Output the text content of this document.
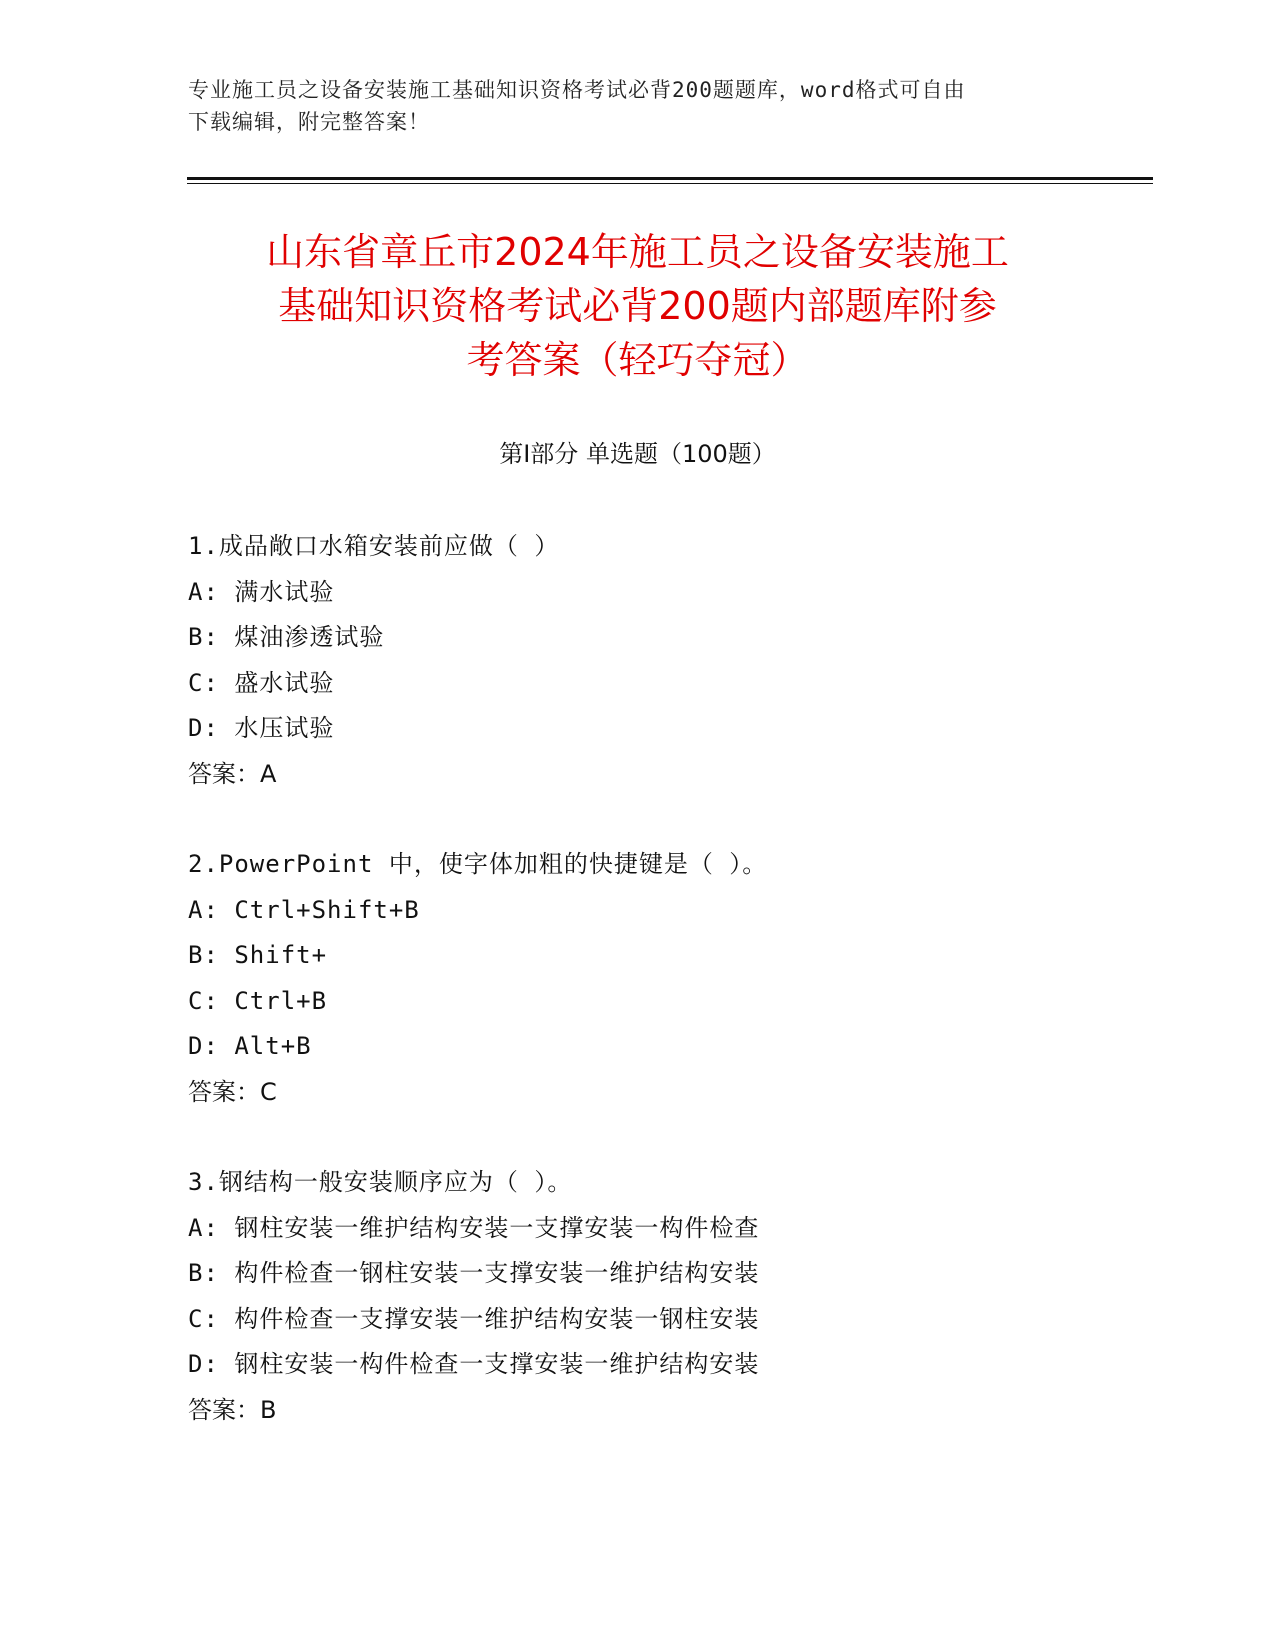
专业施工员之设备安装施工基础知识资格考试必背200题题库，word格式可自由
下载编辑，附完整答案！
山东省章丘市2024年施工员之设备安装施工
基础知识资格考试必背200题内部题库附参
考答案（轻巧夺冠）
第I部分 单选题（100题）
1.成品敞口水箱安装前应做（ ）
A: 满水试验
B: 煤油渗透试验
C: 盛水试验
D: 水压试验
答案：A
2.PowerPoint 中，使字体加粗的快捷键是（ ）。
A: Ctrl+Shift+B
B: Shift+
C: Ctrl+B
D: Alt+B
答案：C
3.钢结构一般安装顺序应为（ ）。
A: 钢柱安装一维护结构安装一支撑安装一构件检查
B: 构件检查一钢柱安装一支撑安装一维护结构安装
C: 构件检查一支撑安装一维护结构安装一钢柱安装
D: 钢柱安装一构件检查一支撑安装一维护结构安装
答案：B
